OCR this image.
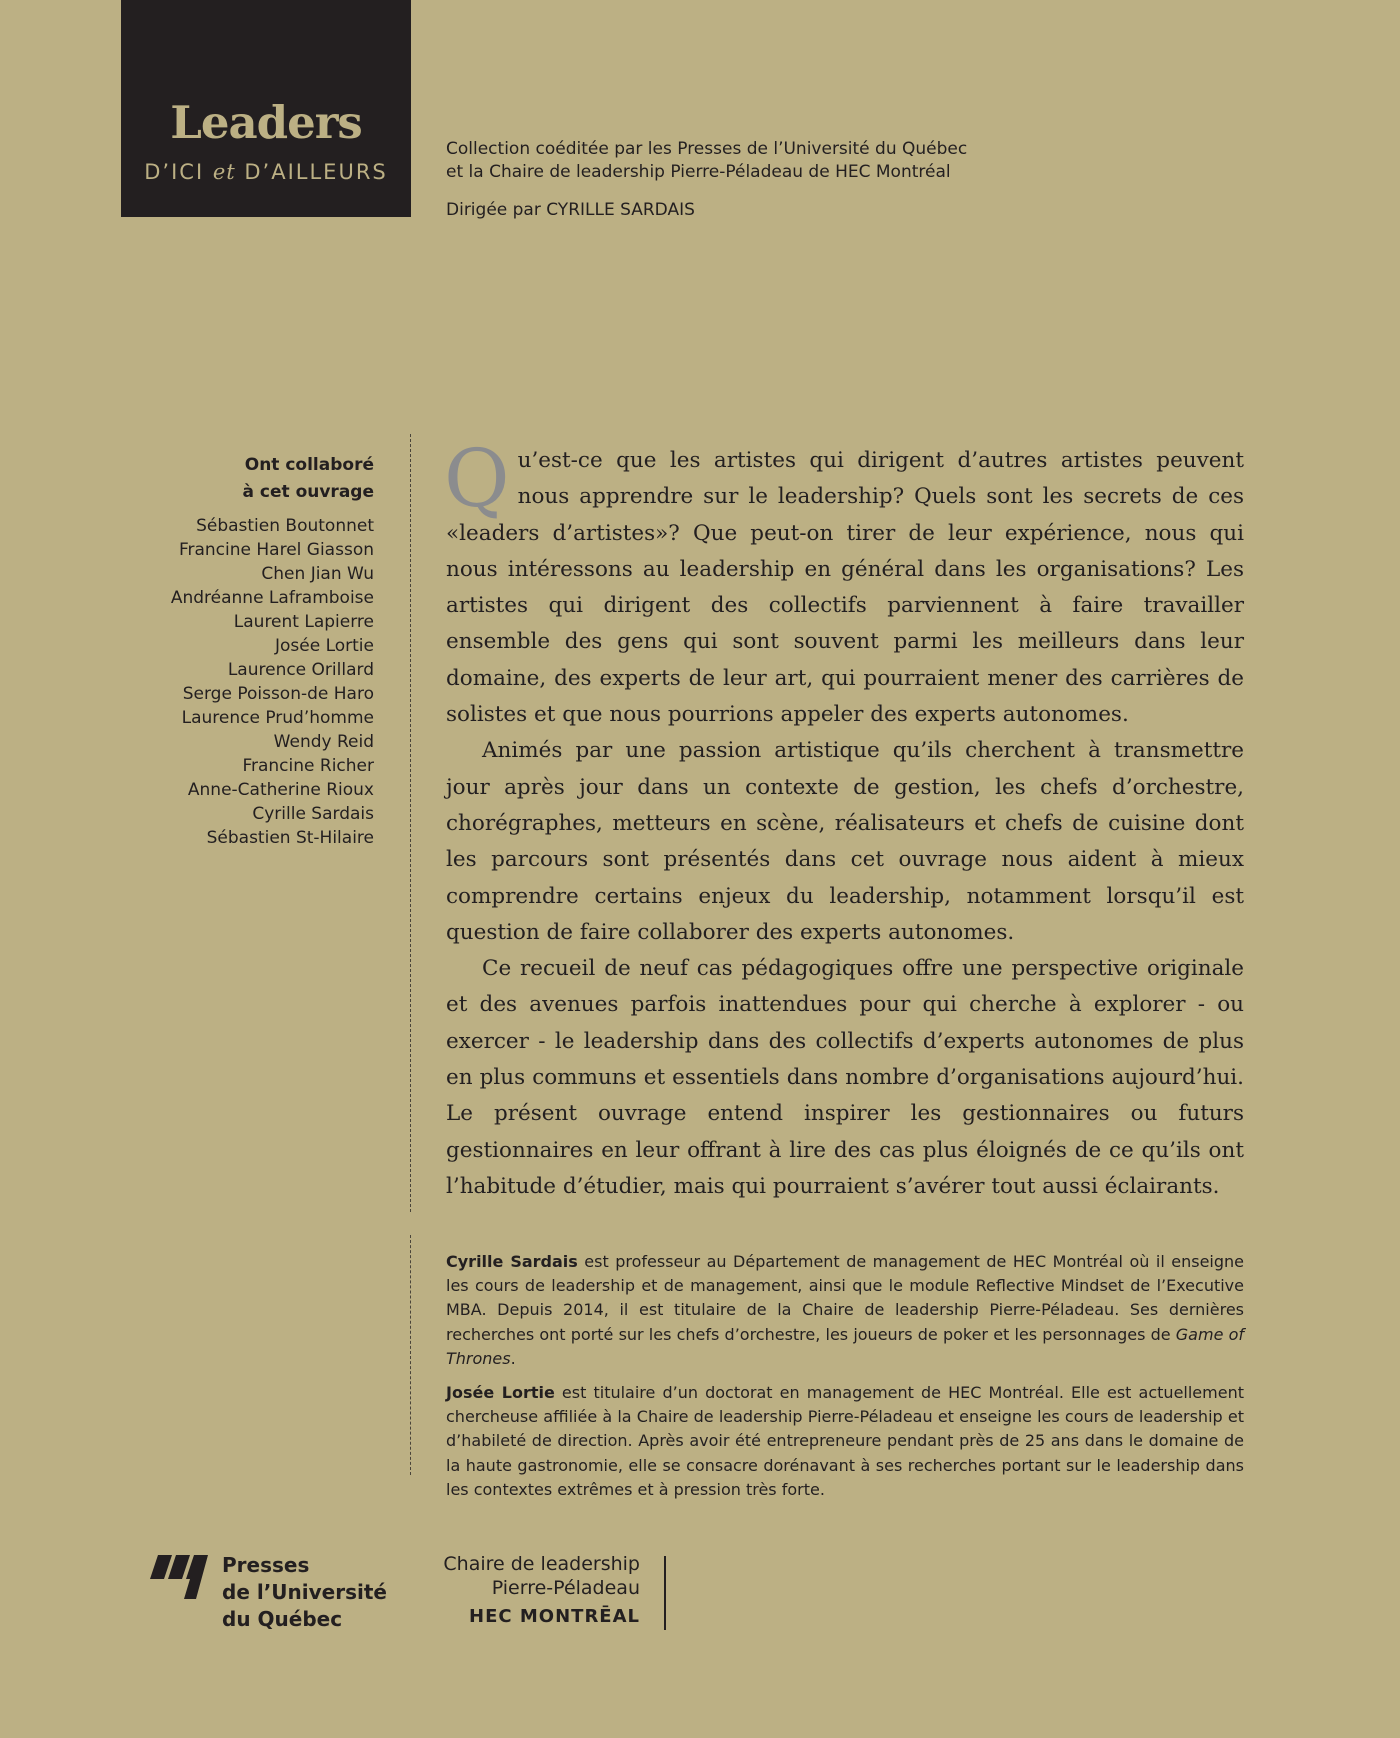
Leaders
D’ICI et D’AILLEURS

Collection coéditée par les Presses de l’Université du Québec

et la Chaire de leadership Pierre-Péladeau de HEC Montréal

Dirigée par CYRILLE SARDAIS
Ont collaboré
à cet ouvrage
Sébastien Boutonnet
Francine Harel Giasson
Chen Jian Wu
Andréanne Laframboise
Laurent Lapierre
Josée Lortie
Laurence Orillard
Serge Poisson-de Haro
Laurence Prud’homme
Wendy Reid
Francine Richer
Anne-Catherine Rioux
Cyrille Sardais
Sébastien St-Hilaire

Qu’est-ce que les artistes qui dirigent d’autres artistes peuvent nous apprendre sur le leadership? Quels sont les secrets de ces «leaders d’artistes»? Que peut-on tirer de leur expérience, nous qui nous intéressons au leadership en général dans les organisations? Les artistes qui dirigent des collectifs parviennent à faire travailler ensemble des gens qui sont souvent parmi les meilleurs dans leur domaine, des experts de leur art, qui pourraient mener des carrières de solistes et que nous pourrions appeler des experts autonomes.

Animés par une passion artistique qu’ils cherchent à transmettre jour après jour dans un contexte de gestion, les chefs d’orchestre, chorégraphes, metteurs en scène, réalisateurs et chefs de cuisine dont les parcours sont présentés dans cet ouvrage nous aident à mieux comprendre certains enjeux du leadership, notamment lorsqu’il est question de faire collaborer des experts autonomes.

Ce recueil de neuf cas pédagogiques offre une perspective originale et des avenues parfois inattendues pour qui cherche à explorer - ou exercer - le leadership dans des collectifs d’experts autonomes de plus en plus communs et essentiels dans nombre d’organisations aujourd’hui. Le présent ouvrage entend inspirer les gestionnaires ou futurs gestionnaires en leur offrant à lire des cas plus éloignés de ce qu’ils ont l’habitude d’étudier, mais qui pourraient s’avérer tout aussi éclairants.

Cyrille Sardais est professeur au Département de management de HEC Montréal où il enseigne les cours de leadership et de management, ainsi que le module Reflective Mindset de l’Executive MBA. Depuis 2014, il est titulaire de la Chaire de leadership Pierre-Péladeau. Ses dernières recherches ont porté sur les chefs d’orchestre, les joueurs de poker et les personnages de Game of Thrones.

Josée Lortie est titulaire d’un doctorat en management de HEC Montréal. Elle est actuellement chercheuse affiliée à la Chaire de leadership Pierre-Péladeau et enseigne les cours de leadership et d’habileté de direction. Après avoir été entrepreneure pendant près de 25 ans dans le domaine de la haute gastronomie, elle se consacre dorénavant à ses recherches portant sur le leadership dans les contextes extrêmes et à pression très forte.

Presses
de l’Université
du Québec
Chaire de leadership
Pierre-Péladeau
HEC MONTRĒAL
